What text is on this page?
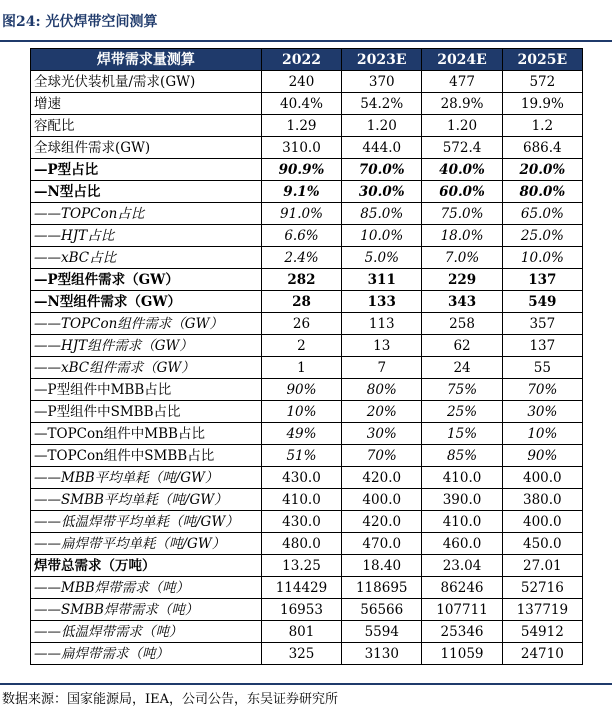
图24: 光伏焊带空间测算
焊带需求量测算	2022	2023E	2024E	2025E
全球光伏装机量/需求(GW)	240	370	477	572
增速	40.4%	54.2%	28.9%	19.9%
容配比	1.29	1.20	1.20	1.2
全球组件需求(GW)	310.0	444.0	572.4	686.4
—P型占比	90.9%	70.0%	40.0%	20.0%
—N型占比	9.1%	30.0%	60.0%	80.0%
——TOPCon占比	91.0%	85.0%	75.0%	65.0%
——HJT占比	6.6%	10.0%	18.0%	25.0%
——xBC占比	2.4%	5.0%	7.0%	10.0%
—P型组件需求（GW）	282	311	229	137
—N型组件需求（GW）	28	133	343	549
——TOPCon组件需求（GW）	26	113	258	357
——HJT组件需求（GW）	2	13	62	137
——xBC组件需求（GW）	1	7	24	55
—P型组件中MBB占比	90%	80%	75%	70%
—P型组件中SMBB占比	10%	20%	25%	30%
—TOPCon组件中MBB占比	49%	30%	15%	10%
—TOPCon组件中SMBB占比	51%	70%	85%	90%
——MBB平均单耗（吨/GW）	430.0	420.0	410.0	400.0
——SMBB平均单耗（吨/GW）	410.0	400.0	390.0	380.0
——低温焊带平均单耗（吨/GW）	430.0	420.0	410.0	400.0
——扁焊带平均单耗（吨/GW）	480.0	470.0	460.0	450.0
焊带总需求（万吨）	13.25	18.40	23.04	27.01
——MBB焊带需求（吨）	114429	118695	86246	52716
——SMBB焊带需求（吨）	16953	56566	107711	137719
——低温焊带需求（吨）	801	5594	25346	54912
——扁焊带需求（吨）	325	3130	11059	24710
数据来源：国家能源局，IEA，公司公告，东吴证券研究所
